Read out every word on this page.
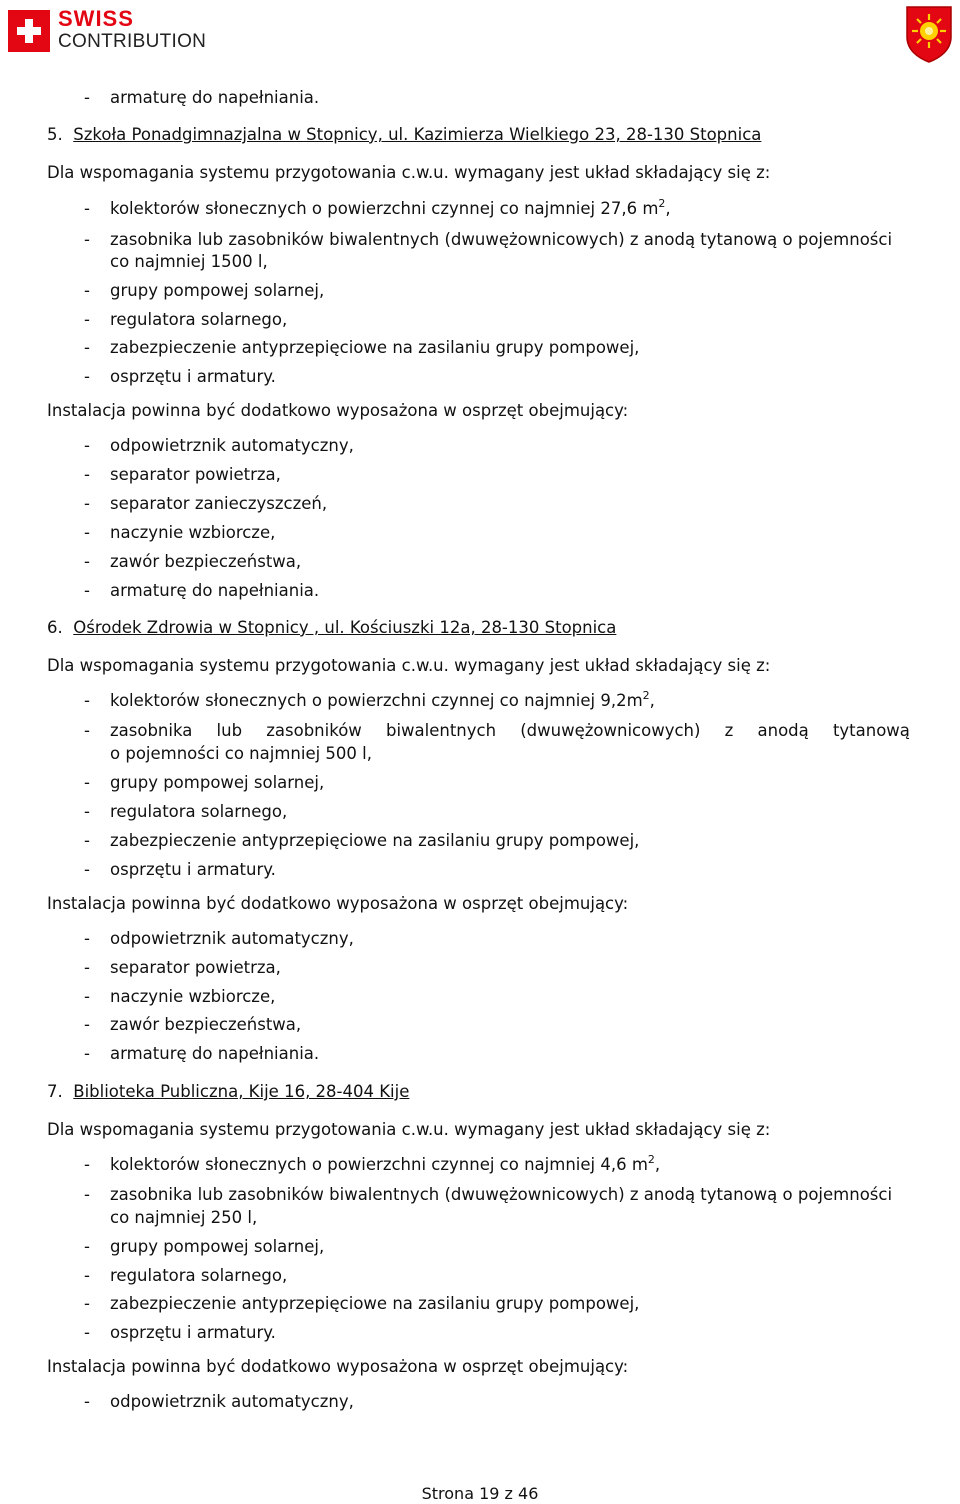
SWISS
CONTRIBUTION
- armaturę do napełniania.
5. Szkoła Ponadgimnazjalna w Stopnicy, ul. Kazimierza Wielkiego 23, 28-130 Stopnica
Dla wspomagania systemu przygotowania c.w.u. wymagany jest układ składający się z:
- kolektorów słonecznych o powierzchni czynnej co najmniej 27,6 $m^2$,
- zasobnika lub zasobników biwalentnych (dwuwężownicowych) z anodą tytanową o pojemności
co najmniej 1500 l,
- grupy pompowej solarnej,
- regulatora solarnego,
- zabezpieczenie antyprzepięciowe na zasilaniu grupy pompowej,
- osprzętu i armatury.
Instalacja powinna być dodatkowo wyposażona w osprzęt obejmujący:
- odpowietrznik automatyczny,
- separator powietrza,
- separator zanieczyszczeń,
- naczynie wzbiorcze,
- zawór bezpieczeństwa,
- armaturę do napełniania.
6. Ośrodek Zdrowia w Stopnicy , ul. Kościuszki 12a, 28-130 Stopnica
Dla wspomagania systemu przygotowania c.w.u. wymagany jest układ składający się z:
- kolektorów słonecznych o powierzchni czynnej co najmniej $9,2m^2$,
- zasobnika lub zasobników biwalentnych (dwuwężownicowych) z anodą tytanową
o pojemności co najmniej 500 l,
- grupy pompowej solarnej,
- regulatora solarnego,
- zabezpieczenie antyprzepięciowe na zasilaniu grupy pompowej,
- osprzętu i armatury.
Instalacja powinna być dodatkowo wyposażona w osprzęt obejmujący:
- odpowietrznik automatyczny,
- separator powietrza,
- naczynie wzbiorcze,
- zawór bezpieczeństwa,
- armaturę do napełniania.
7. Biblioteka Publiczna, Kije 16, 28-404 Kije
Dla wspomagania systemu przygotowania c.w.u. wymagany jest układ składający się z:
- kolektorów słonecznych o powierzchni czynnej co najmniej 4,6 $m^2$,
- zasobnika lub zasobników biwalentnych (dwuwężownicowych) z anodą tytanową o pojemności
co najmniej 250 l,
- grupy pompowej solarnej,
- regulatora solarnego,
- zabezpieczenie antyprzepięciowe na zasilaniu grupy pompowej,
- osprzętu i armatury.
Instalacja powinna być dodatkowo wyposażona w osprzęt obejmujący:
- odpowietrznik automatyczny,
Strona 19 z 46
